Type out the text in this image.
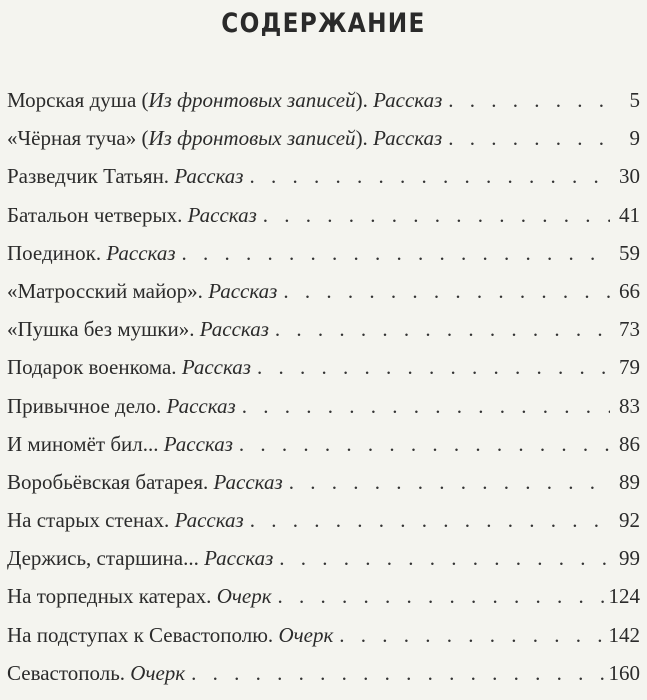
СОДЕРЖАНИЕ
Морская душа (Из фронтовых записей). Рассказ . . .	5
«Чёрная туча» (Из фронтовых записей). Рассказ . . .	9
Разведчик Татьян. Рассказ . . .	30
Батальон четверых. Рассказ . . .	41
Поединок. Рассказ . . .	59
«Матросский майор». Рассказ . . .	66
«Пушка без мушки». Рассказ . . .	73
Подарок военкома. Рассказ . . .	79
Привычное дело. Рассказ . . .	83
И миномёт бил... Рассказ . . .	86
Воробьёвская батарея. Рассказ . . .	89
На старых стенах. Рассказ . . .	92
Держись, старшина... Рассказ . . .	99
На торпедных катерах. Очерк . . .	124
На подступах к Севастополю. Очерк . . .	142
Севастополь. Очерк . . .	160
